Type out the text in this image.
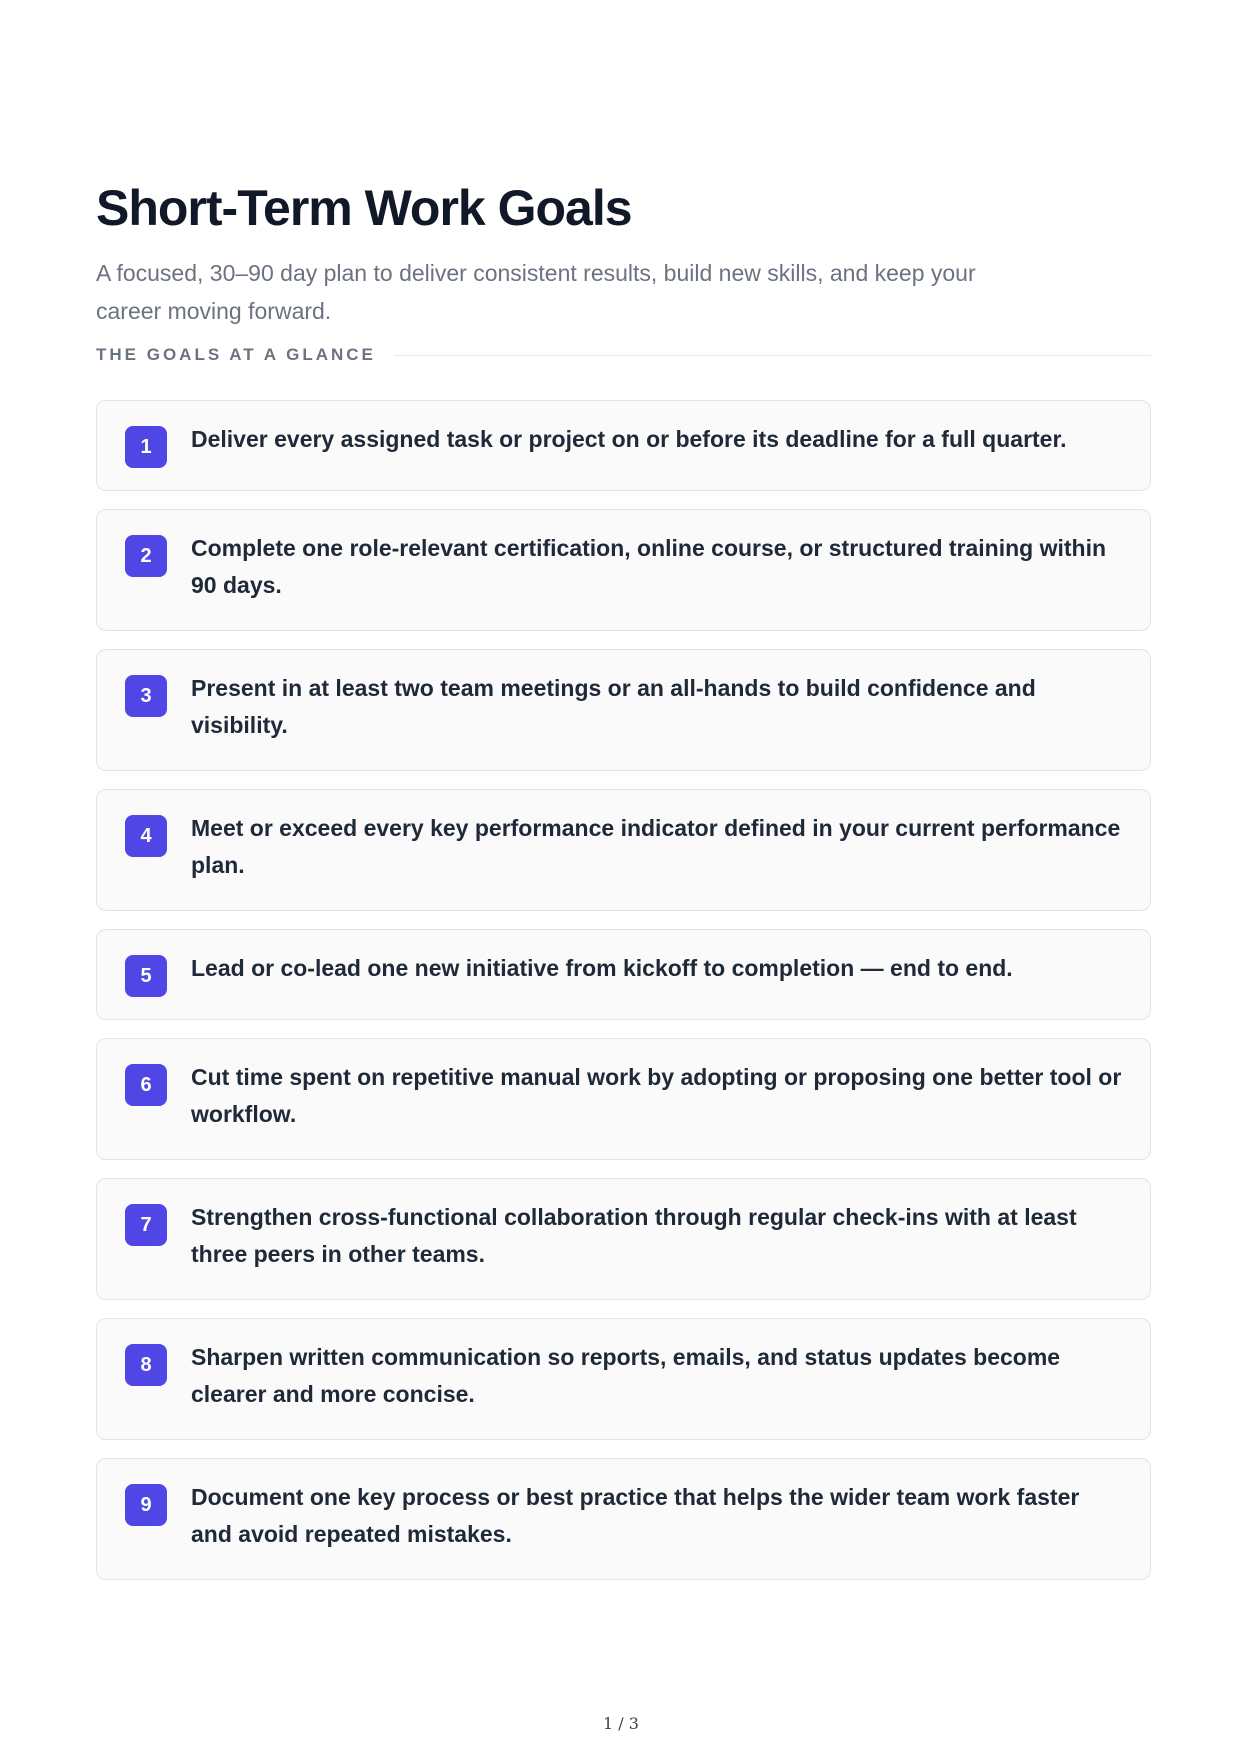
Short-Term Work Goals
A focused, 30–90 day plan to deliver consistent results, build new skills, and keep your career moving forward.
THE GOALS AT A GLANCE
1	Deliver every assigned task or project on or before its deadline for a full quarter.
2	Complete one role-relevant certification, online course, or structured training within 90 days.
3	Present in at least two team meetings or an all-hands to build confidence and visibility.
4	Meet or exceed every key performance indicator defined in your current performance plan.
5	Lead or co-lead one new initiative from kickoff to completion — end to end.
6	Cut time spent on repetitive manual work by adopting or proposing one better tool or workflow.
7	Strengthen cross-functional collaboration through regular check-ins with at least three peers in other teams.
8	Sharpen written communication so reports, emails, and status updates become clearer and more concise.
9	Document one key process or best practice that helps the wider team work faster and avoid repeated mistakes.
1 / 3
